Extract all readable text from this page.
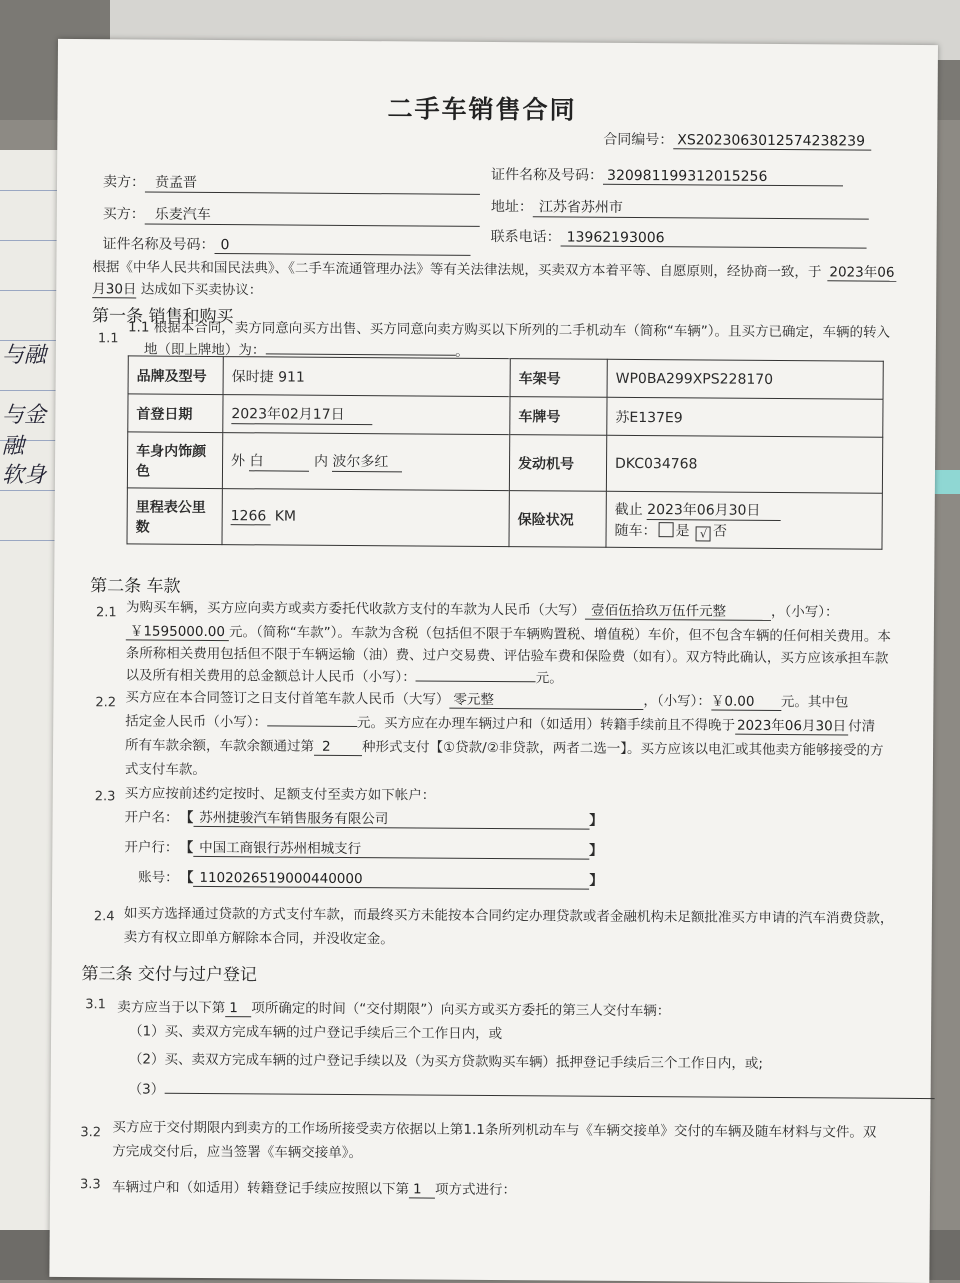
与融
与金融
软身
二手车销售合同
合同编号： XS2023063012574238239
卖方： 贲孟晋	证件名称及号码： 320981199312015256
买方： 乐麦汽车	地址： 江苏省苏州市
证件名称及号码： 0	联系电话： 13962193006
根据《中华人民共和国民法典》、《二手车流通管理办法》等有关法律法规，买卖双方本着平等、自愿原则，经协商一致，于 2023年06
月30日 达成如下买卖协议：
第一条 销售和购买
1.1 1.1 根据本合同，卖方同意向买方出售、买方同意向卖方购买以下所列的二手机动车（简称“车辆”）。且买方已确定，车辆的转入
地（即上牌地）为：	。
品牌及型号	保时捷 911	车架号	WP0BA299XPS228170
首登日期	2023年02月17日	车牌号	苏E137E9
车身内饰颜
色	外 白 内 波尔多红	发动机号	DKC034768
里程表公里
数	1266 KM	保险状况	截止 2023年06月30日
随车： 是 √ 否
第二条 车款
2.1 为购买车辆，买方应向卖方或卖方委托代收款方支付的车款为人民币（大写） 壹佰伍拾玖万伍仟元整	，（小写）：
￥1595000.00 元。（简称“车款”）。车款为含税（包括但不限于车辆购置税、增值税）车价，但不包含车辆的任何相关费用。本
条所称相关费用包括但不限于车辆运输（油）费、过户交易费、评估验车费和保险费（如有）。双方特此确认，买方应该承担车款
以及所有相关费用的总金额总计人民币（小写）：	元。
2.2 买方应在本合同签订之日支付首笔车款人民币（大写） 零元整	，（小写）：￥0.00 元。其中包
括定金人民币（小写）：	元。买方应在办理车辆过户和（如适用）转籍手续前且不得晚于 2023年06月30日 付清
所有车款余额，车款余额通过第 2 种形式支付【①贷款/②非贷款，两者二选一】。买方应该以电汇或其他卖方能够接受的方
式支付车款。
2.3 买方应按前述约定按时、足额支付至卖方如下帐户：
开户名： 【 苏州捷骏汽车销售服务有限公司	】
开户行： 【 中国工商银行苏州相城支行	】
账号： 【 1102026519000440000	】
2.4 如买方选择通过贷款的方式支付车款，而最终买方未能按本合同约定办理贷款或者金融机构未足额批准买方申请的汽车消费贷款，
卖方有权立即单方解除本合同，并没收定金。
第三条 交付与过户登记
3.1 卖方应当于以下第 1 项所确定的时间（“交付期限”）向买方或买方委托的第三人交付车辆：
（1）买、卖双方完成车辆的过户登记手续后三个工作日内，或
（2）买、卖双方完成车辆的过户登记手续以及（为买方贷款购买车辆）抵押登记手续后三个工作日内，或;
（3）
3.2 买方应于交付期限内到卖方的工作场所接受卖方依据以上第1.1条所列机动车与《车辆交接单》交付的车辆及随车材料与文件。双
方完成交付后，应当签署《车辆交接单》。
3.3 车辆过户和（如适用）转籍登记手续应按照以下第 1 项方式进行：
